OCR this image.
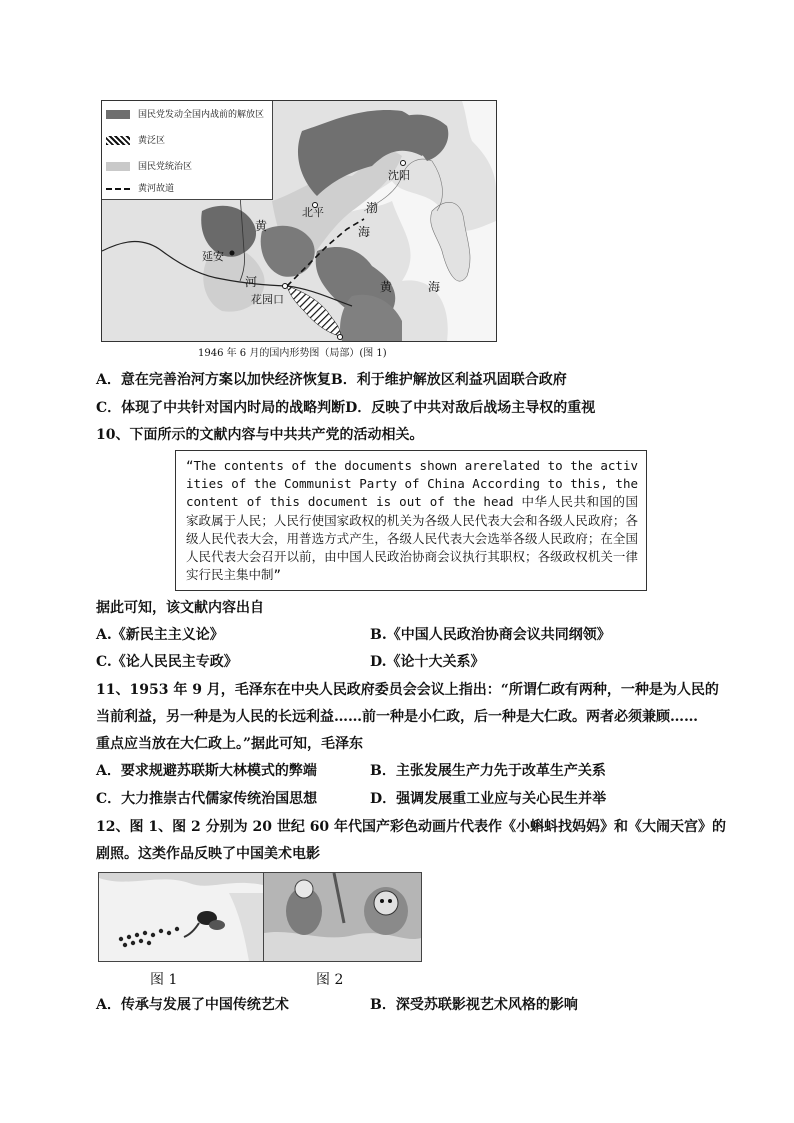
国民党发动全国内战前的解放区
黄泛区
国民党统治区
黄河故道
沈阳
北平	渤
海
黄
河
延安
花园口
黄	海
1946 年 6 月的国内形势图（局部）(图 1)
A．意在完善治河方案以加快经济恢复B．利于维护解放区利益巩固联合政府
C．体现了中共针对国内时局的战略判断D．反映了中共对敌后战场主导权的重视
10、下面所示的文献内容与中共共产党的活动相关。
“The contents of the documents shown arerelated to the activities of the Communist Party of China According to this, the content of this document is out of the head 中华人民共和国的国家政属于人民；人民行使国家政权的机关为各级人民代表大会和各级人民政府；各级人民代表大会，用普选方式产生，各级人民代表大会选举各级人民政府；在全国人民代表大会召开以前，由中国人民政治协商会议执行其职权；各级政权机关一律实行民主集中制”
据此可知，该文献内容出自
A.《新民主主义论》	B.《中国人民政治协商会议共同纲领》
C.《论人民民主专政》	D.《论十大关系》
11、1953 年 9 月，毛泽东在中央人民政府委员会会议上指出：“所谓仁政有两种，一种是为人民的
当前利益，另一种是为人民的长远利益……前一种是小仁政，后一种是大仁政。两者必须兼顾……
重点应当放在大仁政上。”据此可知，毛泽东
A．要求规避苏联斯大林模式的弊端	B．主张发展生产力先于改革生产关系
C．大力推崇古代儒家传统治国思想	D．强调发展重工业应与关心民生并举
12、图 1、图 2 分别为 20 世纪 60 年代国产彩色动画片代表作《小蝌蚪找妈妈》和《大闹天宫》的
剧照。这类作品反映了中国美术电影
图 1	图 2
A．传承与发展了中国传统艺术	B．深受苏联影视艺术风格的影响
